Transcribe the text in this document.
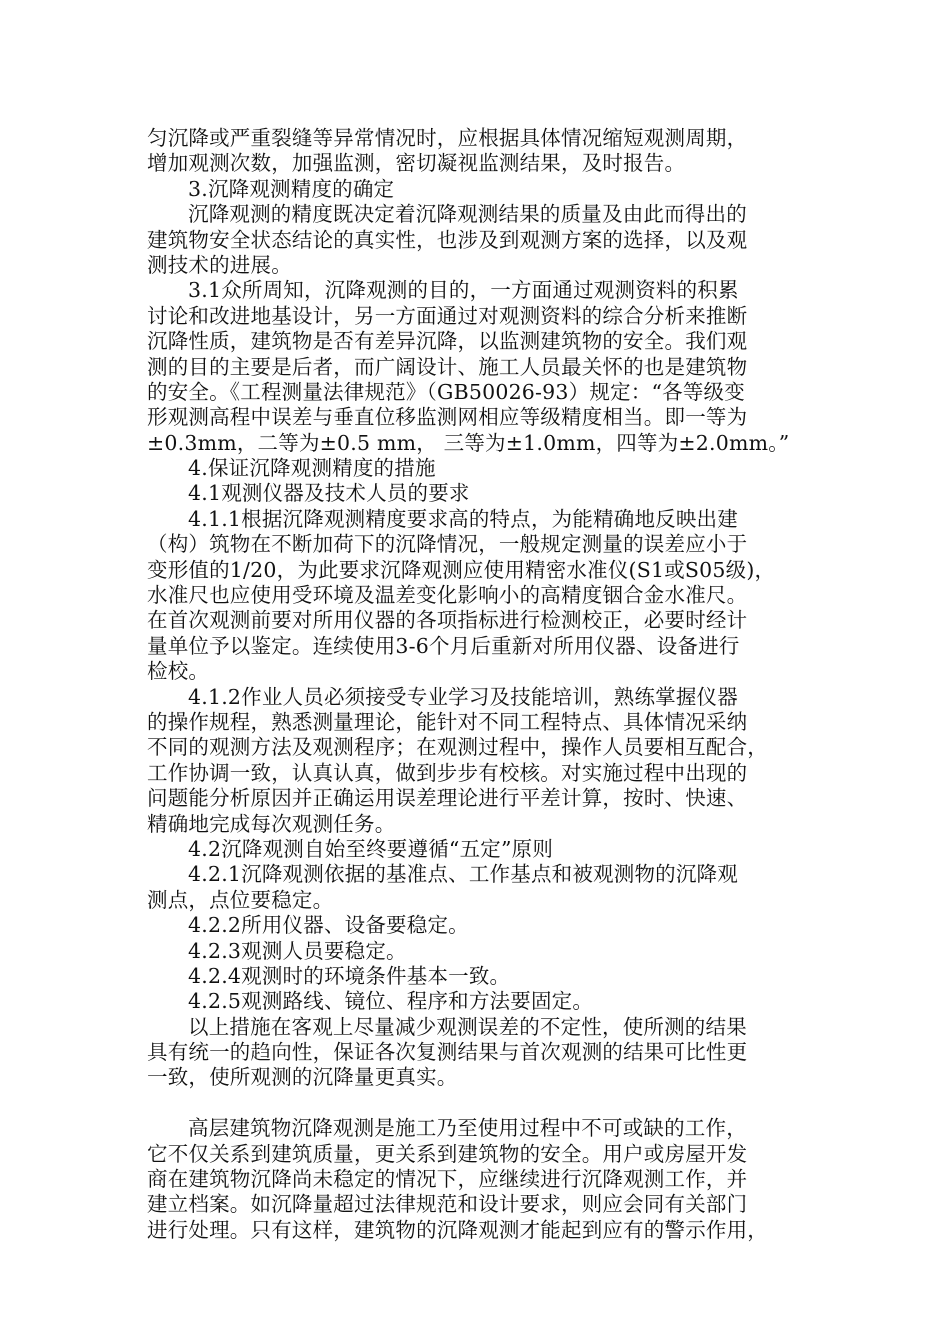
匀沉降或严重裂缝等异常情况时，应根据具体情况缩短观测周期，
增加观测次数，加强监测，密切凝视监测结果，及时报告。
3.沉降观测精度的确定
沉降观测的精度既决定着沉降观测结果的质量及由此而得出的
建筑物安全状态结论的真实性，也涉及到观测方案的选择，以及观
测技术的进展。
3.1众所周知，沉降观测的目的，一方面通过观测资料的积累
讨论和改进地基设计，另一方面通过对观测资料的综合分析来推断
沉降性质，建筑物是否有差异沉降，以监测建筑物的安全。我们观
测的目的主要是后者，而广阔设计、施工人员最关怀的也是建筑物
的安全。《工程测量法律规范》（GB50026-93）规定：“各等级变
形观测高程中误差与垂直位移监测网相应等级精度相当。即一等为
±0.3mm，二等为±0.5 mm， 三等为±1.0mm，四等为±2.0mm。”
4.保证沉降观测精度的措施
4.1观测仪器及技术人员的要求
4.1.1根据沉降观测精度要求高的特点，为能精确地反映出建
（构）筑物在不断加荷下的沉降情况，一般规定测量的误差应小于
变形值的1/20，为此要求沉降观测应使用精密水准仪(S1或S05级)，
水准尺也应使用受环境及温差变化影响小的高精度铟合金水准尺。
在首次观测前要对所用仪器的各项指标进行检测校正，必要时经计
量单位予以鉴定。连续使用3-6个月后重新对所用仪器、设备进行
检校。
4.1.2作业人员必须接受专业学习及技能培训，熟练掌握仪器
的操作规程，熟悉测量理论，能针对不同工程特点、具体情况采纳
不同的观测方法及观测程序；在观测过程中，操作人员要相互配合，
工作协调一致，认真认真，做到步步有校核。对实施过程中出现的
问题能分析原因并正确运用误差理论进行平差计算，按时、快速、
精确地完成每次观测任务。
4.2沉降观测自始至终要遵循“五定”原则
4.2.1沉降观测依据的基准点、工作基点和被观测物的沉降观
测点，点位要稳定。
4.2.2所用仪器、设备要稳定。
4.2.3观测人员要稳定。
4.2.4观测时的环境条件基本一致。
4.2.5观测路线、镜位、程序和方法要固定。
以上措施在客观上尽量减少观测误差的不定性，使所测的结果
具有统一的趋向性，保证各次复测结果与首次观测的结果可比性更
一致，使所观测的沉降量更真实。
高层建筑物沉降观测是施工乃至使用过程中不可或缺的工作，
它不仅关系到建筑质量，更关系到建筑物的安全。用户或房屋开发
商在建筑物沉降尚未稳定的情况下，应继续进行沉降观测工作，并
建立档案。如沉降量超过法律规范和设计要求，则应会同有关部门
进行处理。只有这样，建筑物的沉降观测才能起到应有的警示作用，
